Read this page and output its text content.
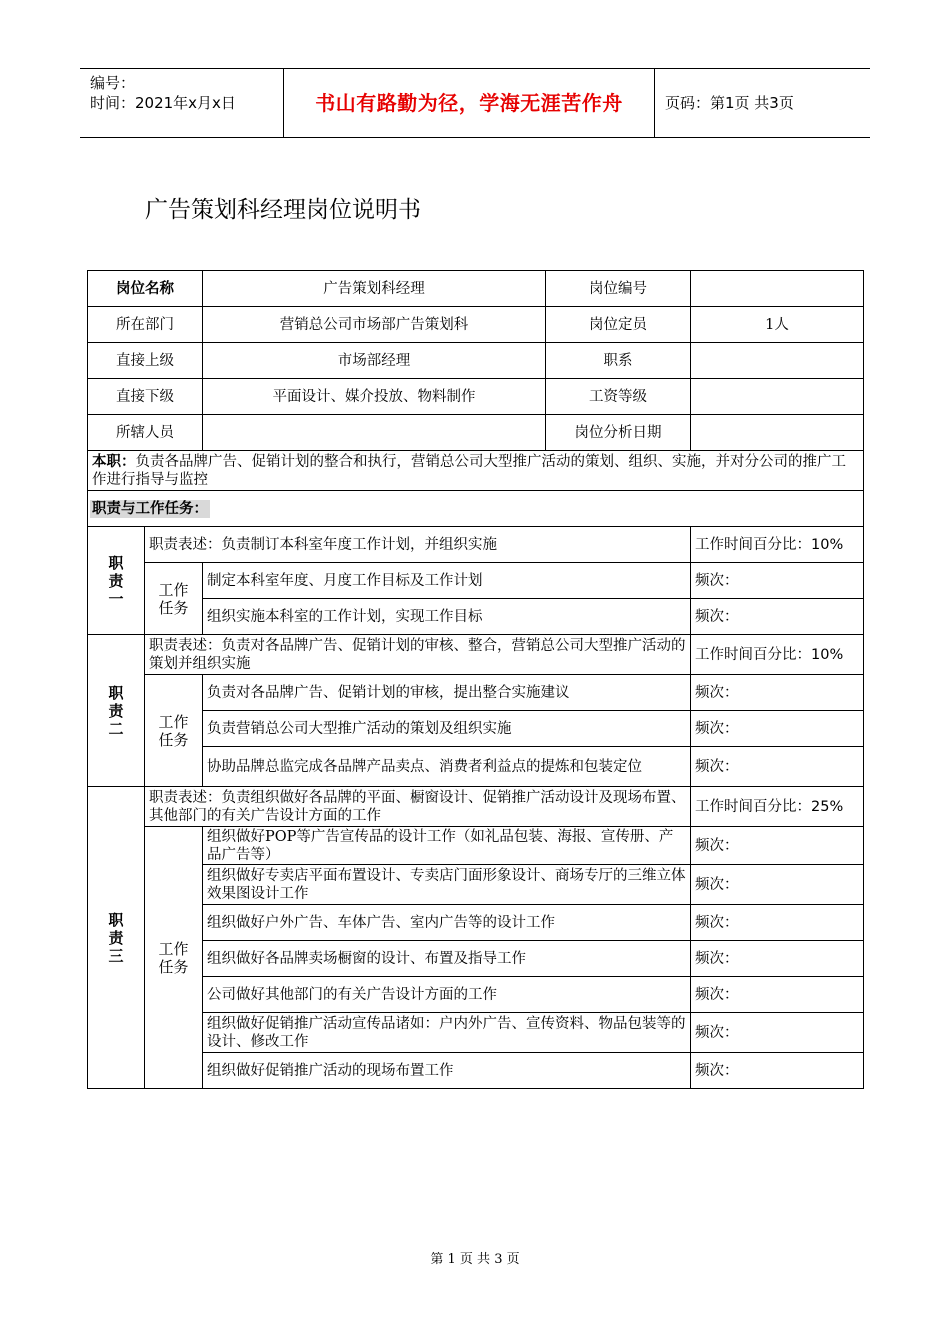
编号：
时间：2021年x月x日	书山有路勤为径，学海无涯苦作舟	页码：第1页 共3页
广告策划科经理岗位说明书
岗位名称		广告策划科经理	岗位编号	
所在部门		营销总公司市场部广告策划科	岗位定员	1人
直接上级		市场部经理	职系	
直接下级		平面设计、媒介投放、物料制作	工资等级	
所辖人员			岗位分析日期	
本职：负责各品牌广告、促销计划的整合和执行，营销总公司大型推广活动的策划、组织、实施，并对分公司的推广工作进行指导与监控				
职责与工作任务：				
职
责
一	职责表述：负责制订本科室年度工作计划，并组织实施			工作时间百分比：10%
	工作
任务	制定本科室年度、月度工作目标及工作计划		频次：
		组织实施本科室的工作计划，实现工作目标		频次：
职
责
二	职责表述：负责对各品牌广告、促销计划的审核、整合，营销总公司大型推广活动的策划并组织实施			工作时间百分比：10%
	工作
任务	负责对各品牌广告、促销计划的审核，提出整合实施建议		频次：
		负责营销总公司大型推广活动的策划及组织实施		频次：
		协助品牌总监完成各品牌产品卖点、消费者利益点的提炼和包装定位		频次：
职
责
三	职责表述：负责组织做好各品牌的平面、橱窗设计、促销推广活动设计及现场布置、其他部门的有关广告设计方面的工作			工作时间百分比：25%
	工作
任务	组织做好POP等广告宣传品的设计工作（如礼品包装、海报、宣传册、产品广告等）		频次：
		组织做好专卖店平面布置设计、专卖店门面形象设计、商场专厅的三维立体效果图设计工作		频次：
		组织做好户外广告、车体广告、室内广告等的设计工作		频次：
		组织做好各品牌卖场橱窗的设计、布置及指导工作		频次：
		公司做好其他部门的有关广告设计方面的工作		频次：
		组织做好促销推广活动宣传品诸如：户内外广告、宣传资料、物品包装等的设计、修改工作		频次：
		组织做好促销推广活动的现场布置工作		频次：
第 1 页 共 3 页
